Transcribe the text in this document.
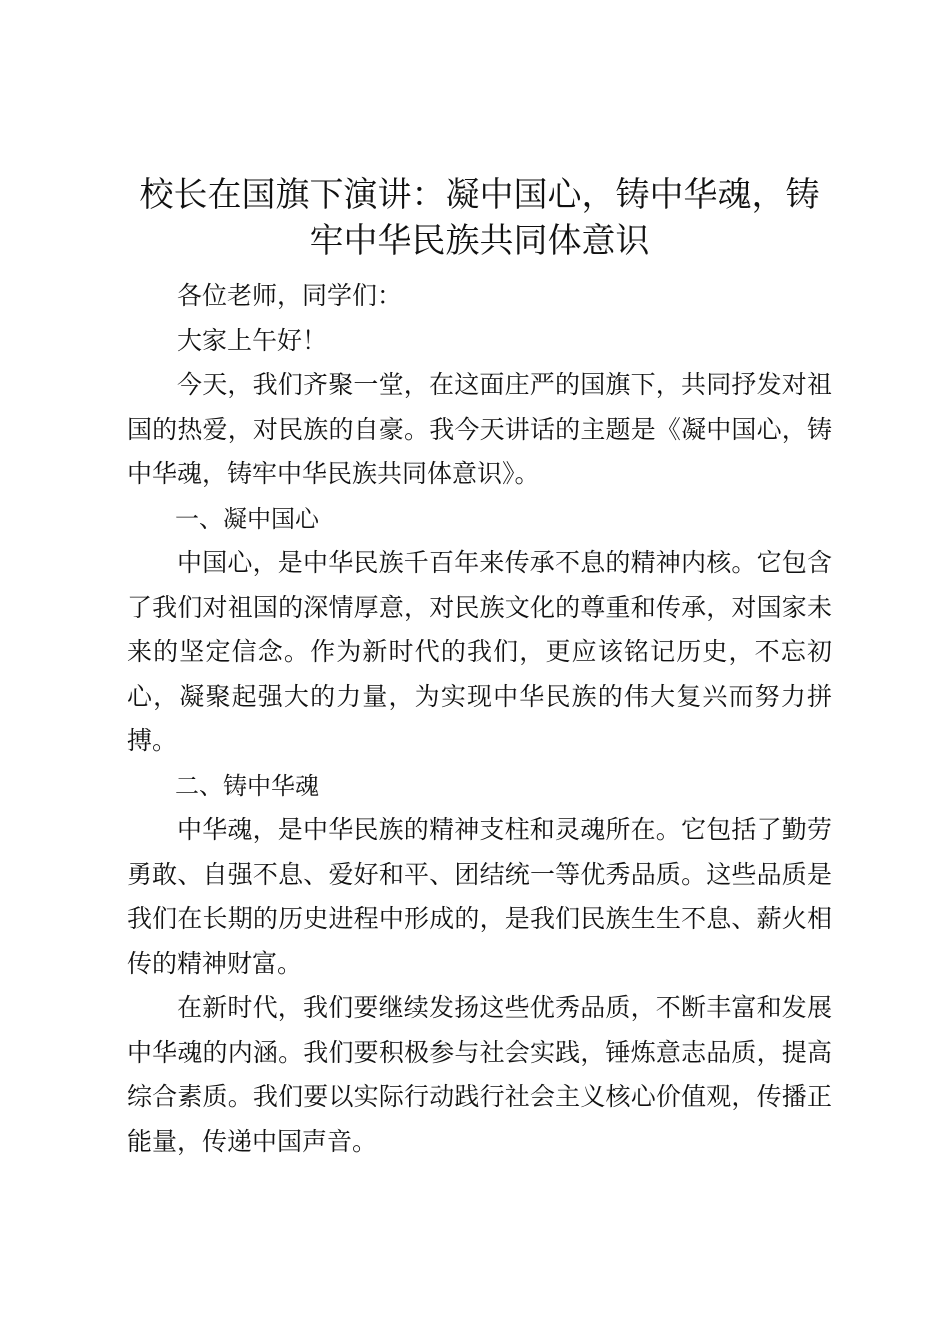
校长在国旗下演讲：凝中国心，铸中华魂，铸牢中华民族共同体意识

各位老师，同学们：

大家上午好！

今天，我们齐聚一堂，在这面庄严的国旗下，共同抒发对祖国的热爱，对民族的自豪。我今天讲话的主题是《凝中国心，铸中华魂，铸牢中华民族共同体意识》。

一、凝中国心

中国心，是中华民族千百年来传承不息的精神内核。它包含了我们对祖国的深情厚意，对民族文化的尊重和传承，对国家未来的坚定信念。作为新时代的我们，更应该铭记历史，不忘初心，凝聚起强大的力量，为实现中华民族的伟大复兴而努力拼搏。

二、铸中华魂

中华魂，是中华民族的精神支柱和灵魂所在。它包括了勤劳勇敢、自强不息、爱好和平、团结统一等优秀品质。这些品质是我们在长期的历史进程中形成的，是我们民族生生不息、薪火相传的精神财富。

在新时代，我们要继续发扬这些优秀品质，不断丰富和发展中华魂的内涵。我们要积极参与社会实践，锤炼意志品质，提高综合素质。我们要以实际行动践行社会主义核心价值观，传播正能量，传递中国声音。
